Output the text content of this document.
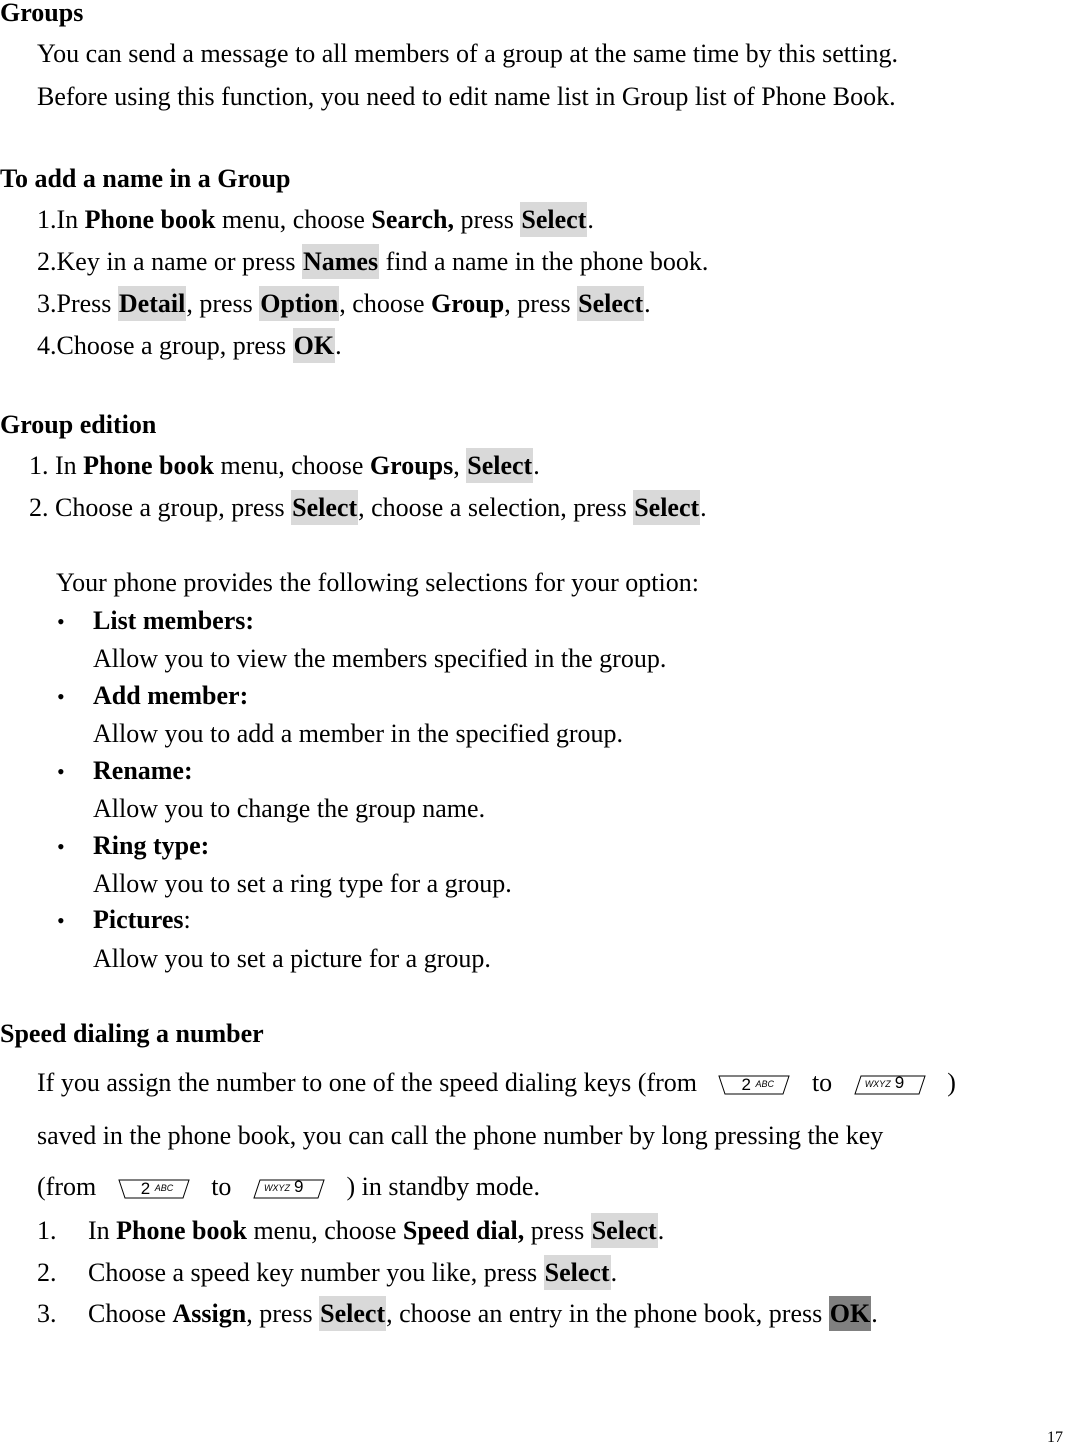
Groups
You can send a message to all members of a group at the same time by this setting.
Before using this function, you need to edit name list in Group list of Phone Book.
To add a name in a Group
1.In Phone book menu, choose Search, press Select.
2.Key in a name or press Names find a name in the phone book.
3.Press Detail, press Option, choose Group, press Select.
4.Choose a group, press OK.
Group edition
1. In Phone book menu, choose Groups, Select.
2. Choose a group, press Select, choose a selection, press Select.
Your phone provides the following selections for your option:
• List members:
Allow you to view the members specified in the group.
• Add member:
Allow you to add a member in the specified group.
• Rename:
Allow you to change the group name.
• Ring type:
Allow you to set a ring type for a group.
• Pictures:
Allow you to set a picture for a group.
Speed dialing a number
If you assign the number to one of the speed dialing keys (from	2 ABC to	9
WXYZ )
saved in the phone book, you can call the phone number by long pressing the key
(from	2 ABC to	9
WXYZ ) in standby mode.
1. In Phone book menu, choose Speed dial, press Select.
2. Choose a speed key number you like, press Select.
3. Choose Assign, press Select, choose an entry in the phone book, press OK.
17
